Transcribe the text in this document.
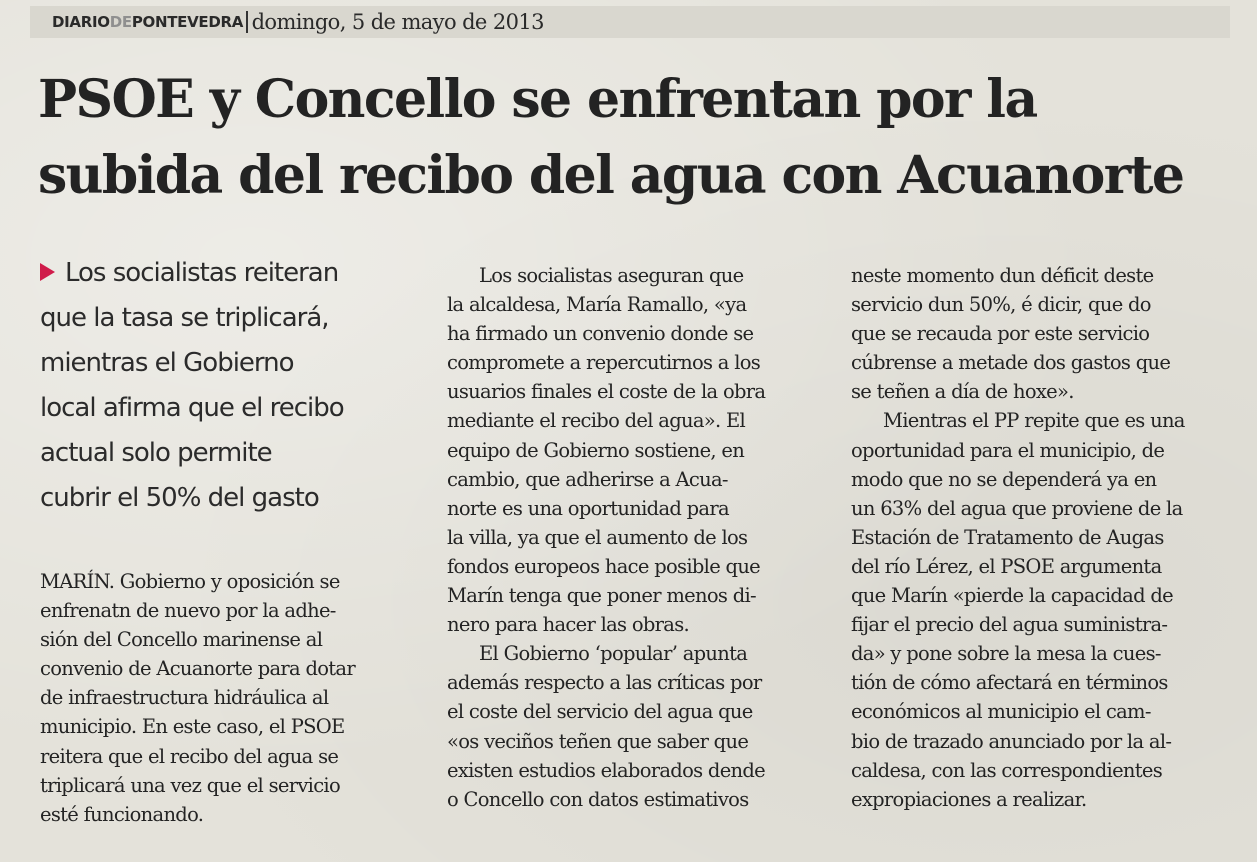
DIARIODEPONTEVEDRA domingo, 5 de mayo de 2013
PSOE y Concello se enfrentan por la
subida del recibo del agua con Acuanorte
Los socialistas reiteran
que la tasa se triplicará,
mientras el Gobierno
local afirma que el recibo
actual solo permite
cubrir el 50% del gasto
MARÍN. Gobierno y oposición se
enfrenatn de nuevo por la adhe-
sión del Concello marinense al
convenio de Acuanorte para dotar
de infraestructura hidráulica al
municipio. En este caso, el PSOE
reitera que el recibo del agua se
triplicará una vez que el servicio
esté funcionando.
Los socialistas aseguran que
la alcaldesa, María Ramallo, «ya
ha firmado un convenio donde se
compromete a repercutirnos a los
usuarios finales el coste de la obra
mediante el recibo del agua». El
equipo de Gobierno sostiene, en
cambio, que adherirse a Acua-
norte es una oportunidad para
la villa, ya que el aumento de los
fondos europeos hace posible que
Marín tenga que poner menos di-
nero para hacer las obras.
El Gobierno ‘popular’ apunta
además respecto a las críticas por
el coste del servicio del agua que
«os veciños teñen que saber que
existen estudios elaborados dende
o Concello con datos estimativos
neste momento dun déficit deste
servicio dun 50%, é dicir, que do
que se recauda por este servicio
cúbrense a metade dos gastos que
se teñen a día de hoxe».
Mientras el PP repite que es una
oportunidad para el municipio, de
modo que no se dependerá ya en
un 63% del agua que proviene de la
Estación de Tratamento de Augas
del río Lérez, el PSOE argumenta
que Marín «pierde la capacidad de
fijar el precio del agua suministra-
da» y pone sobre la mesa la cues-
tión de cómo afectará en términos
económicos al municipio el cam-
bio de trazado anunciado por la al-
caldesa, con las correspondientes
expropiaciones a realizar.
